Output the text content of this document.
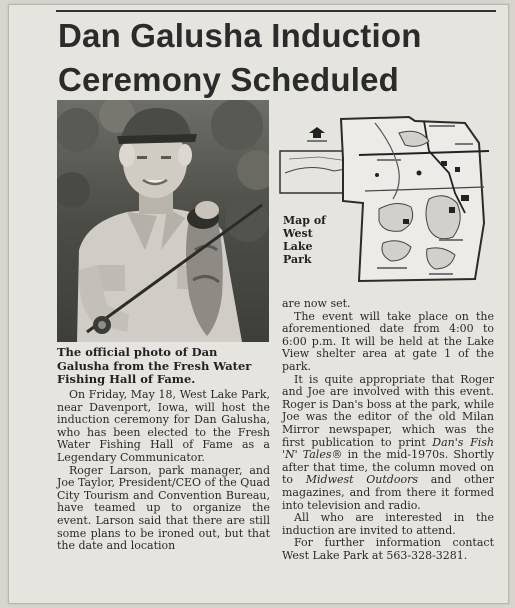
Dan Galusha Induction
Ceremony Scheduled

The official photo of Dan Galusha from the Fresh Water Fishing Hall of Fame.

Map of
West
Lake
Park

On Friday, May 18, West Lake Park, near Davenport, Iowa, will host the induction ceremony for Dan Galusha, who has been elected to the Fresh Water Fishing Hall of Fame as a Legendary Communicator.

Roger Larson, park manager, and Joe Taylor, President/CEO of the Quad City Tourism and Convention Bureau, have teamed up to organize the event. Larson said that there are still some plans to be ironed out, but that the date and location

are now set.

The event will take place on the aforementioned date from 4:00 to 6:00 p.m. It will be held at the Lake View shelter area at gate 1 of the park.

It is quite appropriate that Roger and Joe are involved with this event. Roger is Dan's boss at the park, while Joe was the editor of the old Milan Mirror newspaper, which was the first publication to print Dan's Fish 'N' Tales® in the mid-1970s. Shortly after that time, the column moved on to Midwest Outdoors and other magazines, and from there it formed into television and radio.

All who are interested in the induction are invited to attend.

For further information contact West Lake Park at 563-328-3281.
